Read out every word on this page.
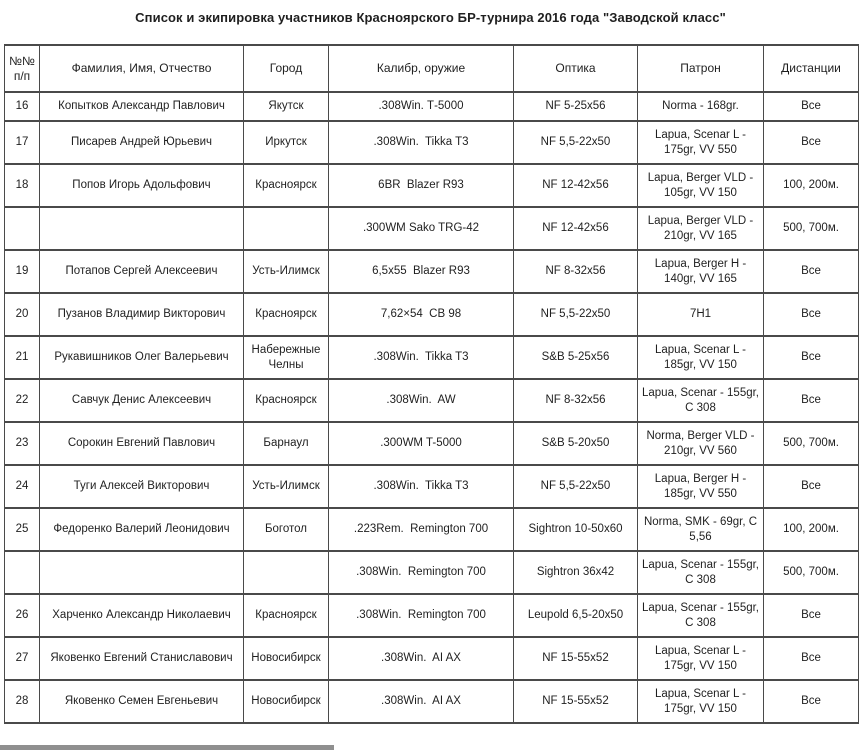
Список и экипировка участников Красноярского БР-турнира 2016 года "Заводской класс"
№№ п/п	Фамилия, Имя, Отчество	Город	Калибр, оружие	Оптика	Патрон	Дистанции
16	Копытков Александр Павлович	Якутск	.308Win. Т-5000	NF 5-25x56	Norma - 168gr.	Все
17	Писарев Андрей Юрьевич	Иркутск	.308Win.  Tikka T3	NF 5,5-22x50	Lapua, Scenar L - 175gr, VV 550	Все
18	Попов Игорь Адольфович	Красноярск	6BR  Blazer R93	NF 12-42x56	Lapua, Berger VLD - 105gr, VV 150	100, 200м.
			.300WM Sako TRG-42	NF 12-42x56	Lapua, Berger VLD - 210gr, VV 165	500, 700м.
19	Потапов Сергей Алексеевич	Усть-Илимск	6,5x55  Blazer R93	NF 8-32x56	Lapua, Berger H - 140gr, VV 165	Все
20	Пузанов Владимир Викторович	Красноярск	7,62×54  СВ 98	NF 5,5-22x50	7Н1	Все
21	Рукавишников Олег Валерьевич	Набережные Челны	.308Win.  Tikka T3	S&B 5-25x56	Lapua, Scenar L - 185gr, VV 150	Все
22	Савчук Денис Алексеевич	Красноярск	.308Win.  AW	NF 8-32x56	Lapua, Scenar - 155gr, C 308	Все
23	Сорокин Евгений Павлович	Барнаул	.300WM T-5000	S&B 5-20x50	Norma, Berger VLD - 210gr, VV 560	500, 700м.
24	Туги Алексей Викторович	Усть-Илимск	.308Win.  Tikka T3	NF 5,5-22x50	Lapua, Berger H - 185gr, VV 550	Все
25	Федоренко Валерий Леонидович	Боготол	.223Rem.  Remington 700	Sightron 10-50x60	Norma, SMK - 69gr, С 5,56	100, 200м.
			.308Win.  Remington 700	Sightron 36x42	Lapua, Scenar - 155gr, C 308	500, 700м.
26	Харченко Александр Николаевич	Красноярск	.308Win.  Remington 700	Leupold 6,5-20x50	Lapua, Scenar - 155gr, C 308	Все
27	Яковенко Евгений Станиславович	Новосибирск	.308Win.  AI AX	NF 15-55x52	Lapua, Scenar L - 175gr, VV 150	Все
28	Яковенко Семен Евгеньевич	Новосибирск	.308Win.  AI AX	NF 15-55x52	Lapua, Scenar L - 175gr, VV 150	Все
